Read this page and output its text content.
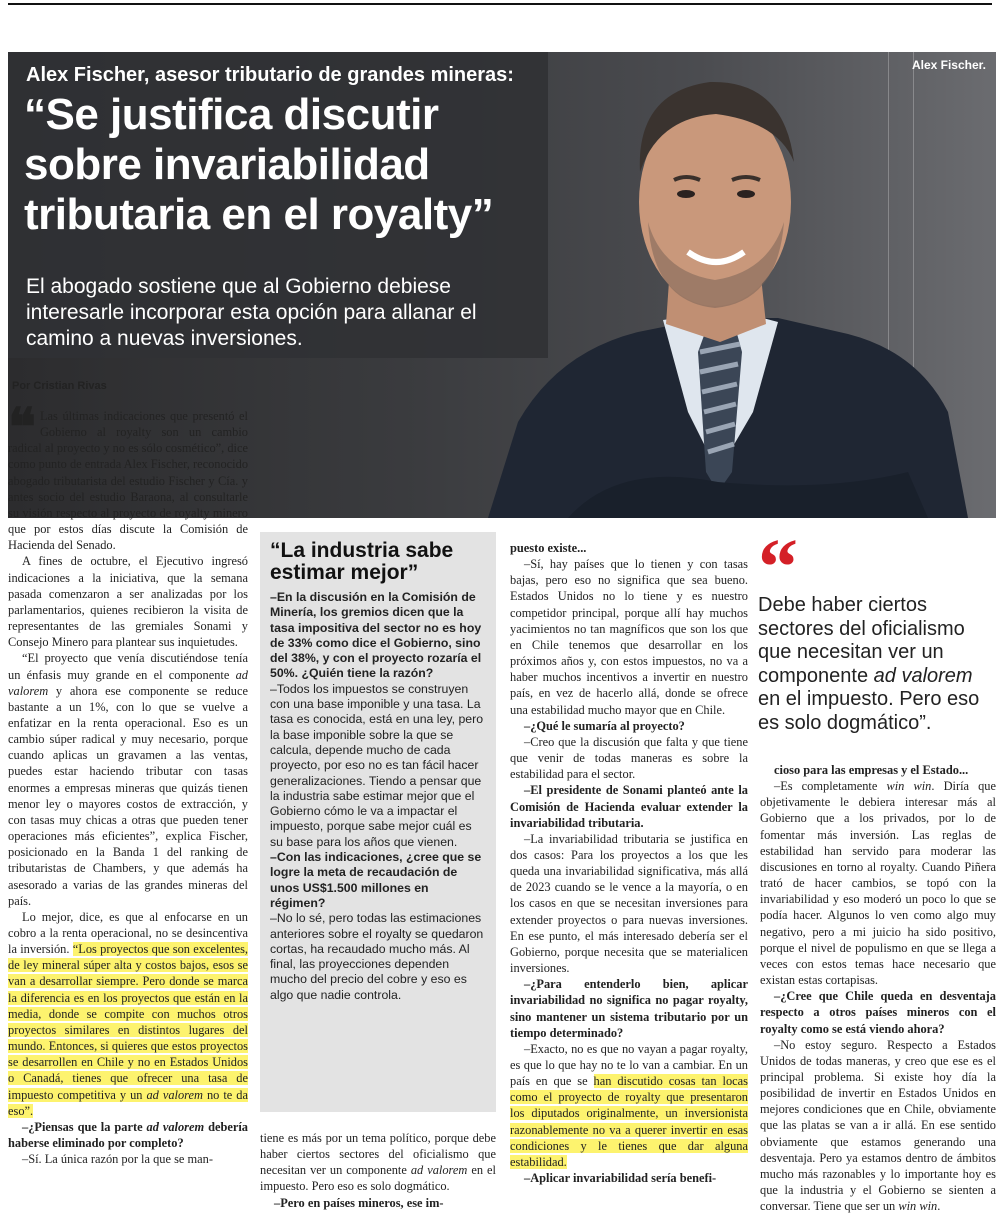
Alex Fischer.
Alex Fischer, asesor tributario de grandes mineras:
“Se justifica discutir sobre invariabilidad tributaria en el royalty”
El abogado sostiene que al Gobierno debiese interesarle incorporar esta opción para allanar el camino a nuevas inversiones.
Por Cristian Rivas

❝ Las últimas indicaciones que presentó el Gobierno al royalty son un cambio radical al proyecto y no es sólo cosmético”, dice como punto de entrada Alex Fischer, reconocido abogado tributarista del estudio Fischer y Cía. y antes socio del estudio Baraona, al consultarle su visión respecto al proyecto de royalty minero que por estos días discute la Comisión de Hacienda del Senado.

A fines de octubre, el Ejecutivo ingresó indicaciones a la iniciativa, que la semana pasada comenzaron a ser analizadas por los parlamentarios, quienes recibieron la visita de representantes de las gremiales Sonami y Consejo Minero para plantear sus inquietudes.

“El proyecto que venía discutiéndose tenía un énfasis muy grande en el componente ad valorem y ahora ese componente se reduce bastante a un 1%, con lo que se vuelve a enfatizar en la renta operacional. Eso es un cambio súper radical y muy necesario, porque cuando aplicas un gravamen a las ventas, puedes estar haciendo tributar con tasas enormes a empresas mineras que quizás tienen menor ley o mayores costos de extracción, y con tasas muy chicas a otras que pueden tener operaciones más eficientes”, explica Fischer, posicionado en la Banda 1 del ranking de tributaristas de Chambers, y que además ha asesorado a varias de las grandes mineras del país.

Lo mejor, dice, es que al enfocarse en un cobro a la renta operacional, no se desincentiva la inversión. “Los proyectos que son excelentes, de ley mineral súper alta y costos bajos, esos se van a desarrollar siempre. Pero donde se marca la diferencia es en los proyectos que están en la media, donde se compite con muchos otros proyectos similares en distintos lugares del mundo. Entonces, si quieres que estos proyectos se desarrollen en Chile y no en Estados Unidos o Canadá, tienes que ofrecer una tasa de impuesto competitiva y un ad valorem no te da eso”.

–¿Piensas que la parte ad valorem debería haberse eliminado por completo?

–Sí. La única razón por la que se man-

“La industria sabe estimar mejor”

–En la discusión en la Comisión de Minería, los gremios dicen que la tasa impositiva del sector no es hoy de 33% como dice el Gobierno, sino del 38%, y con el proyecto rozaría el 50%. ¿Quién tiene la razón?

–Todos los impuestos se construyen con una base imponible y una tasa. La tasa es conocida, está en una ley, pero la base imponible sobre la que se calcula, depende mucho de cada proyecto, por eso no es tan fácil hacer generalizaciones. Tiendo a pensar que la industria sabe estimar mejor que el Gobierno cómo le va a impactar el impuesto, porque sabe mejor cuál es su base para los años que vienen.

–Con las indicaciones, ¿cree que se logre la meta de recaudación de unos US$1.500 millones en régimen?

–No lo sé, pero todas las estimaciones anteriores sobre el royalty se quedaron cortas, ha recaudado mucho más. Al final, las proyecciones dependen mucho del precio del cobre y eso es algo que nadie controla.

tiene es más por un tema político, porque debe haber ciertos sectores del oficialismo que necesitan ver un componente ad valorem en el impuesto. Pero eso es solo dogmático.

–Pero en países mineros, ese im-

puesto existe...

–Sí, hay países que lo tienen y con tasas bajas, pero eso no significa que sea bueno. Estados Unidos no lo tiene y es nuestro competidor principal, porque allí hay muchos yacimientos no tan magníficos que son los que en Chile tenemos que desarrollar en los próximos años y, con estos impuestos, no va a haber muchos incentivos a invertir en nuestro país, en vez de hacerlo allá, donde se ofrece una estabilidad mucho mayor que en Chile.

–¿Qué le sumaría al proyecto?

–Creo que la discusión que falta y que tiene que venir de todas maneras es sobre la estabilidad para el sector.

–El presidente de Sonami planteó ante la Comisión de Hacienda evaluar extender la invariabilidad tributaria.

–La invariabilidad tributaria se justifica en dos casos: Para los proyectos a los que les queda una invariabilidad significativa, más allá de 2023 cuando se le vence a la mayoría, o en los casos en que se necesitan inversiones para extender proyectos o para nuevas inversiones. En ese punto, el más interesado debería ser el Gobierno, porque necesita que se materialicen inversiones.

–¿Para entenderlo bien, aplicar invariabilidad no significa no pagar royalty, sino mantener un sistema tributario por un tiempo determinado?

–Exacto, no es que no vayan a pagar royalty, es que lo que hay no te lo van a cambiar. En un país en que se han discutido cosas tan locas como el proyecto de royalty que presentaron los diputados originalmente, un inversionista razonablemente no va a querer invertir en esas condiciones y le tienes que dar alguna estabilidad.

–Aplicar invariabilidad sería benefi-

“
Debe haber ciertos sectores del oficialismo que necesitan ver un componente ad valorem en el impuesto. Pero eso es solo dogmático”.

cioso para las empresas y el Estado...

–Es completamente win win. Diría que objetivamente le debiera interesar más al Gobierno que a los privados, por lo de fomentar más inversión. Las reglas de estabilidad han servido para moderar las discusiones en torno al royalty. Cuando Piñera trató de hacer cambios, se topó con la invariabilidad y eso moderó un poco lo que se podía hacer. Algunos lo ven como algo muy negativo, pero a mi juicio ha sido positivo, porque el nivel de populismo en que se llega a veces con estos temas hace necesario que existan estas cortapisas.

–¿Cree que Chile queda en desventaja respecto a otros países mineros con el royalty como se está viendo ahora?

–No estoy seguro. Respecto a Estados Unidos de todas maneras, y creo que ese es el principal problema. Si existe hoy día la posibilidad de invertir en Estados Unidos en mejores condiciones que en Chile, obviamente que las platas se van a ir allá. En ese sentido obviamente que estamos generando una desventaja. Pero ya estamos dentro de ámbitos mucho más razonables y lo importante hoy es que la industria y el Gobierno se sienten a conversar. Tiene que ser un win win.
